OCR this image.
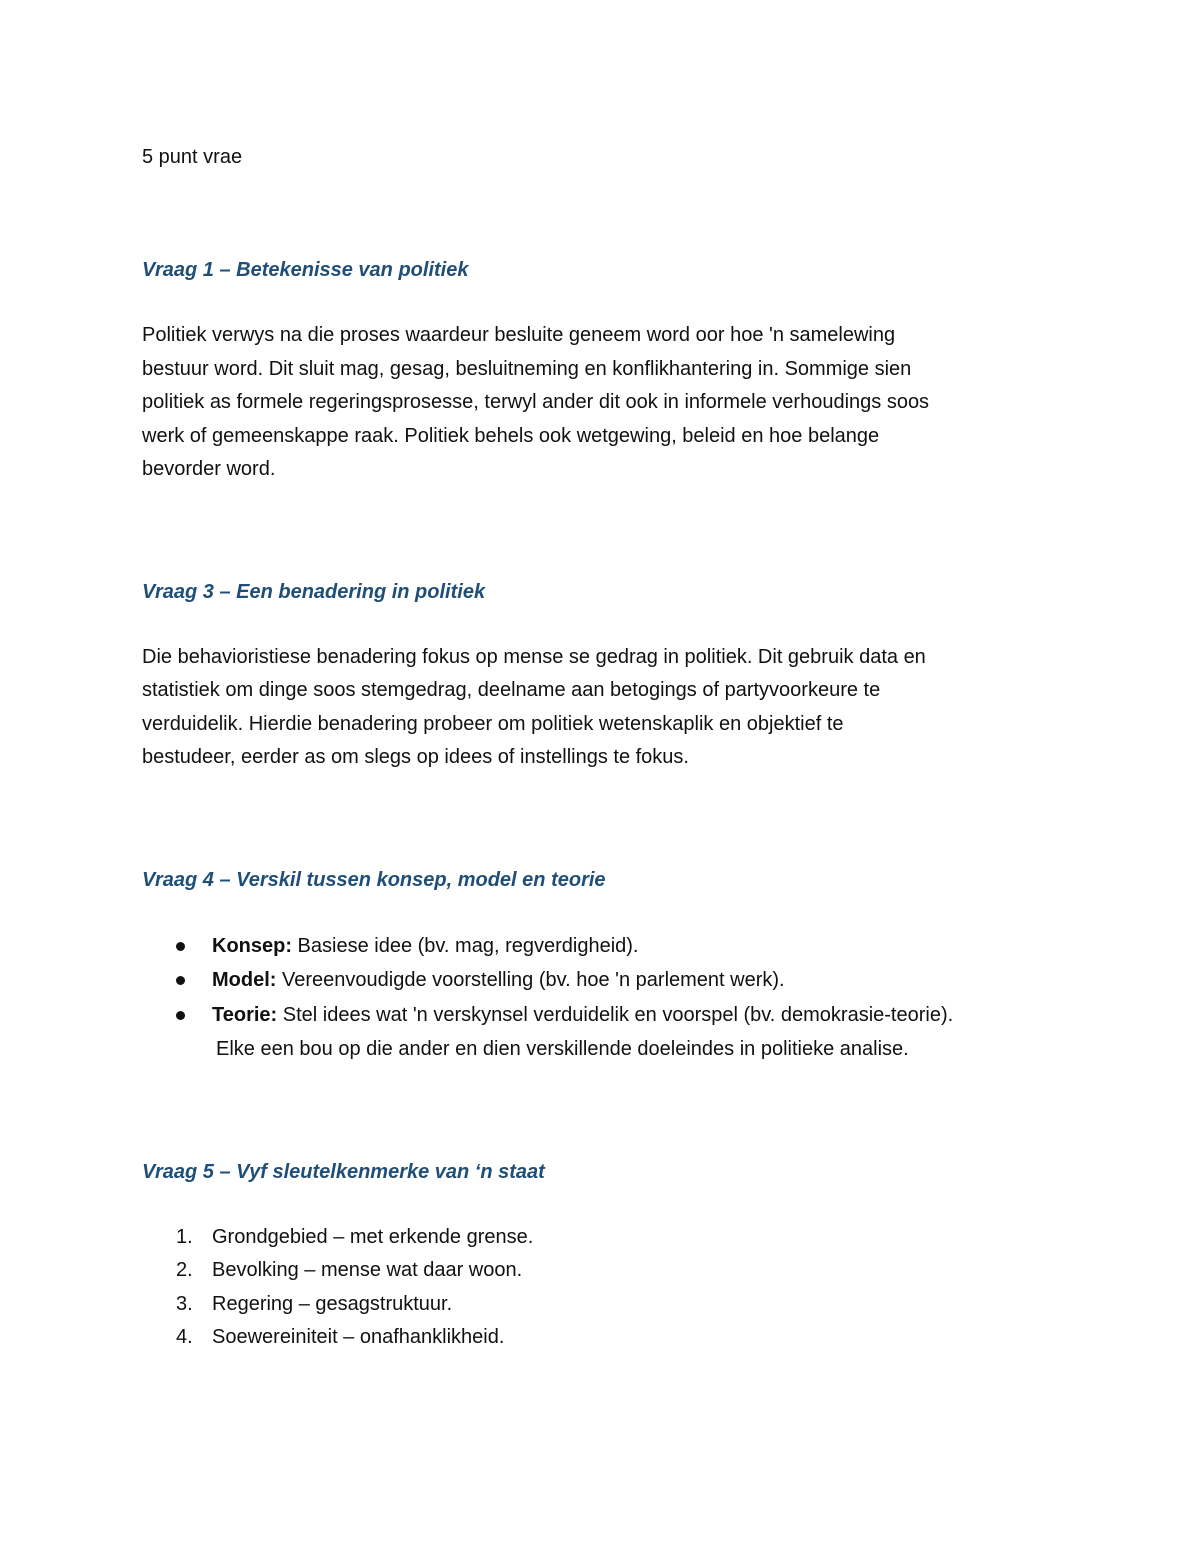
5 punt vrae

Vraag 1 – Betekenisse van politiek
Politiek verwys na die proses waardeur besluite geneem word oor hoe 'n samelewing
bestuur word. Dit sluit mag, gesag, besluitneming en konflikhantering in. Sommige sien
politiek as formele regeringsprosesse, terwyl ander dit ook in informele verhoudings soos
werk of gemeenskappe raak. Politiek behels ook wetgewing, beleid en hoe belange
bevorder word.
Vraag 3 – Een benadering in politiek
Die behavioristiese benadering fokus op mense se gedrag in politiek. Dit gebruik data en
statistiek om dinge soos stemgedrag, deelname aan betogings of partyvoorkeure te
verduidelik. Hierdie benadering probeer om politiek wetenskaplik en objektief te
bestudeer, eerder as om slegs op idees of instellings te fokus.
Vraag 4 – Verskil tussen konsep, model en teorie
Konsep: Basiese idee (bv. mag, regverdigheid).
Model: Vereenvoudigde voorstelling (bv. hoe 'n parlement werk).
Teorie: Stel idees wat 'n verskynsel verduidelik en voorspel (bv. demokrasie-teorie).

Elke een bou op die ander en dien verskillende doeleindes in politieke analise.

Vraag 5 – Vyf sleutelkenmerke van ‘n staat
1. Grondgebied – met erkende grense.
2. Bevolking – mense wat daar woon.
3. Regering – gesagstruktuur.
4. Soewereiniteit – onafhanklikheid.
